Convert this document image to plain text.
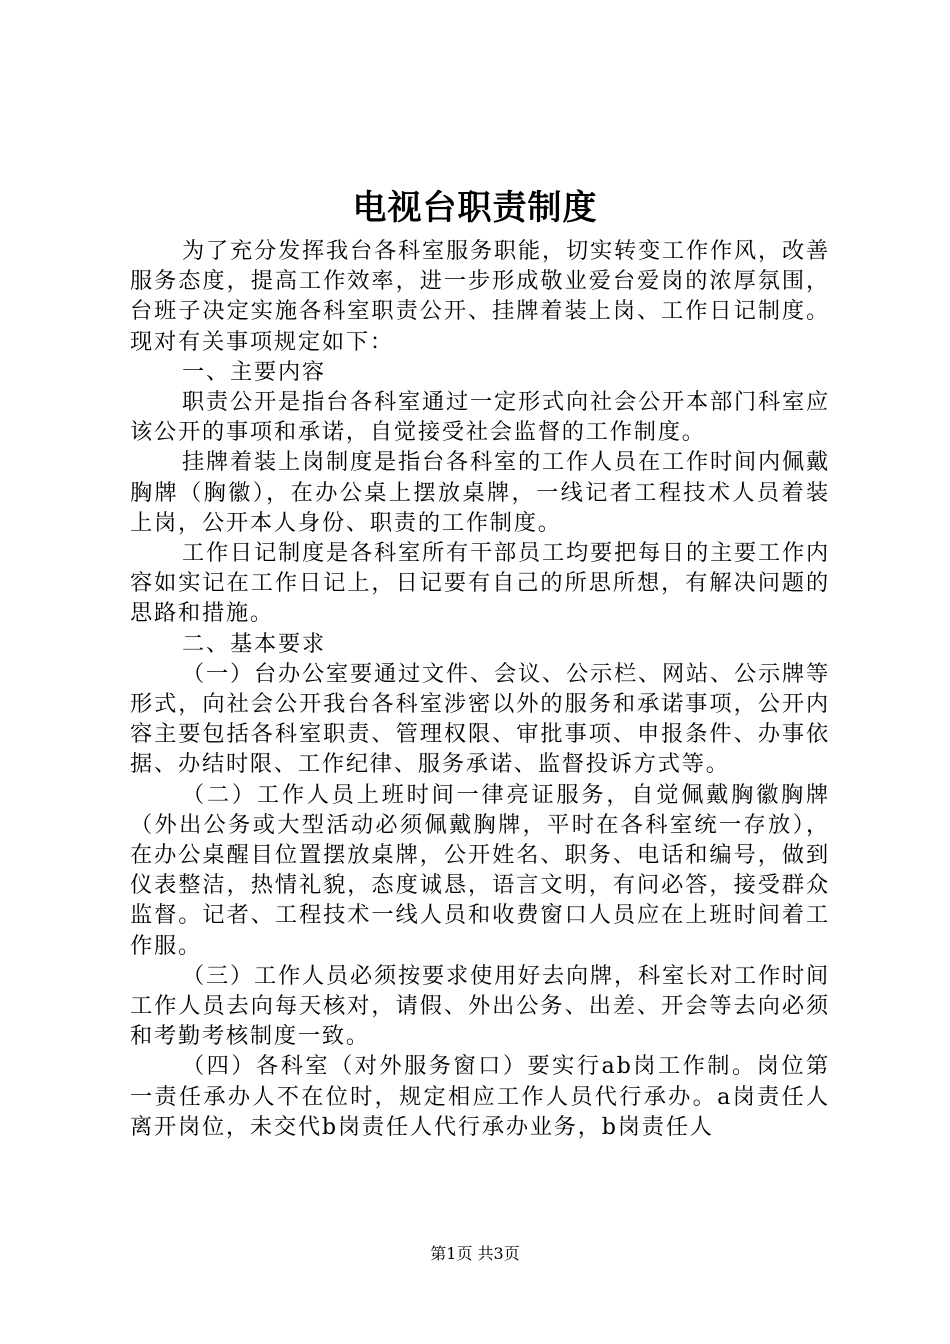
电视台职责制度

为了充分发挥我台各科室服务职能，切实转变工作作风，改善服务态度，提高工作效率，进一步形成敬业爱台爱岗的浓厚氛围，台班子决定实施各科室职责公开、挂牌着装上岗、工作日记制度。现对有关事项规定如下：

一、主要内容

职责公开是指台各科室通过一定形式向社会公开本部门科室应该公开的事项和承诺，自觉接受社会监督的工作制度。

挂牌着装上岗制度是指台各科室的工作人员在工作时间内佩戴胸牌（胸徽），在办公桌上摆放桌牌，一线记者工程技术人员着装上岗，公开本人身份、职责的工作制度。

工作日记制度是各科室所有干部员工均要把每日的主要工作内容如实记在工作日记上，日记要有自己的所思所想，有解决问题的思路和措施。

二、基本要求

（一）台办公室要通过文件、会议、公示栏、网站、公示牌等形式，向社会公开我台各科室涉密以外的服务和承诺事项，公开内容主要包括各科室职责、管理权限、审批事项、申报条件、办事依据、办结时限、工作纪律、服务承诺、监督投诉方式等。

（二）工作人员上班时间一律亮证服务，自觉佩戴胸徽胸牌（外出公务或大型活动必须佩戴胸牌，平时在各科室统一存放），在办公桌醒目位置摆放桌牌，公开姓名、职务、电话和编号，做到仪表整洁，热情礼貌，态度诚恳，语言文明，有问必答，接受群众监督。记者、工程技术一线人员和收费窗口人员应在上班时间着工作服。

（三）工作人员必须按要求使用好去向牌，科室长对工作时间工作人员去向每天核对，请假、外出公务、出差、开会等去向必须和考勤考核制度一致。

（四）各科室（对外服务窗口）要实行ab岗工作制。岗位第一责任承办人不在位时，规定相应工作人员代行承办。a岗责任人离开岗位，未交代b岗责任人代行承办业务，b岗责任人

第1页 共3页
